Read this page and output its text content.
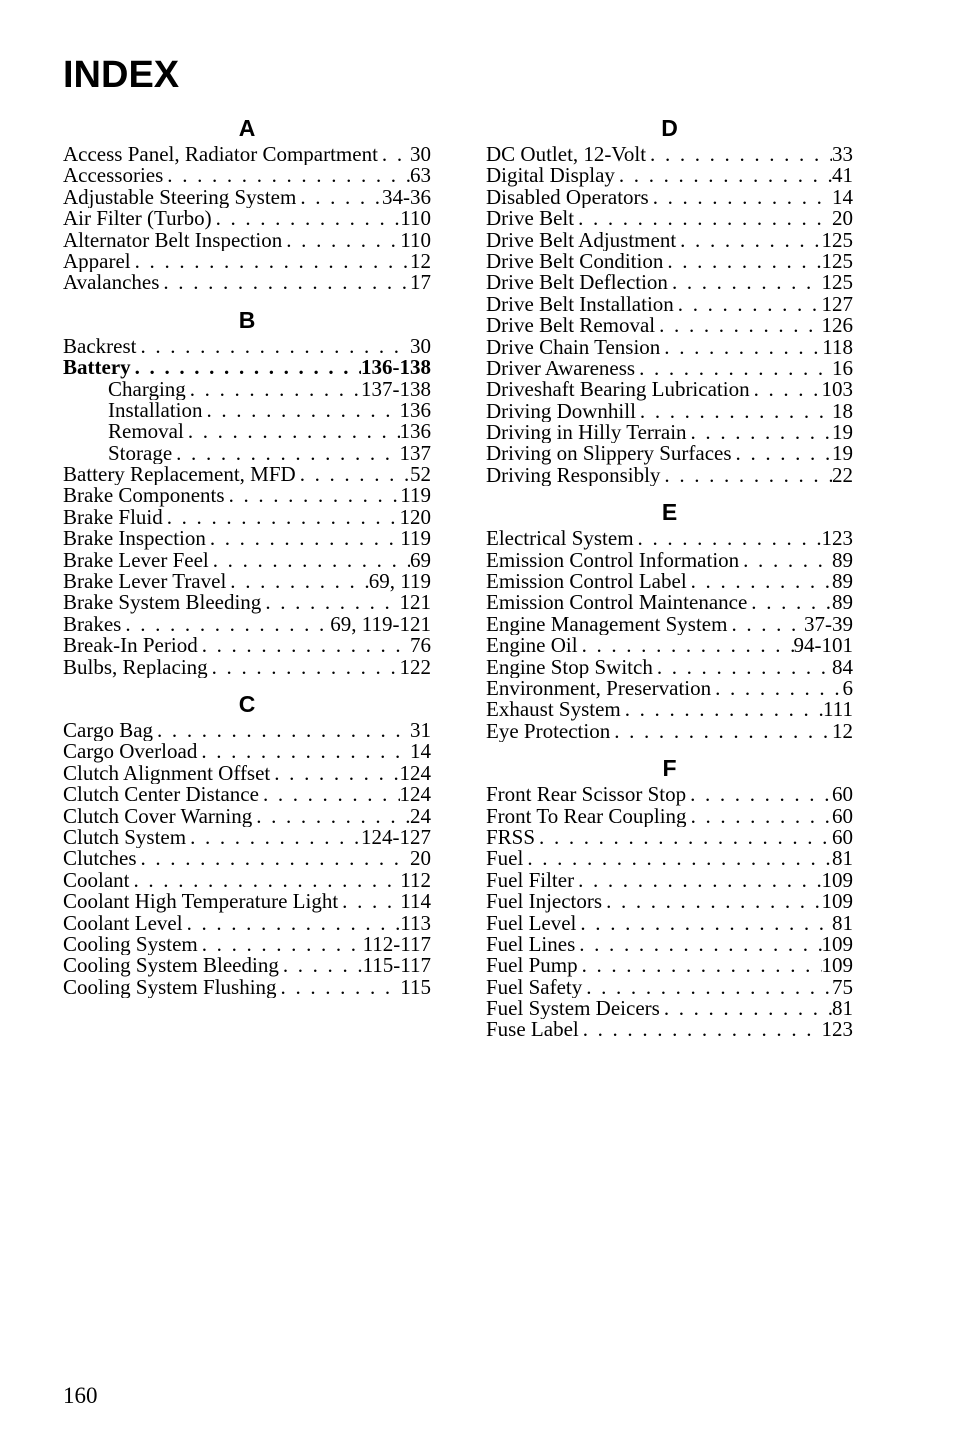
INDEX
A
Access Panel, Radiator Compartment . . . 30
Accessories . . .	63
Adjustable Steering System . . .	34-36
Air Filter (Turbo) . . .	110
Alternator Belt Inspection . . .	110
Apparel . . .	12
Avalanches . . .	17
B
Backrest . . .	30
Battery . . .	136-138
Charging . . .	137-138
Installation . . .	136
Removal . . .	136
Storage . . .	137
Battery Replacement, MFD . . .	52
Brake Components . . .	119
Brake Fluid . . .	120
Brake Inspection . . .	119
Brake Lever Feel . . .	69
Brake Lever Travel . . .	69, 119
Brake System Bleeding . . .	121
Brakes . . .	69, 119-121
Break-In Period . . .	76
Bulbs, Replacing . . .	122
C
Cargo Bag . . .	31
Cargo Overload . . .	14
Clutch Alignment Offset . . .	124
Clutch Center Distance . . .	124
Clutch Cover Warning . . .	24
Clutch System . . .	124-127
Clutches . . .	20
Coolant . . .	112
Coolant High Temperature Light . . .	114
Coolant Level . . .	113
Cooling System . . .	112-117
Cooling System Bleeding . . .	115-117
Cooling System Flushing . . .	115
D
DC Outlet, 12-Volt . . .	33
Digital Display . . .	41
Disabled Operators . . .	14
Drive Belt . . .	20
Drive Belt Adjustment . . .	125
Drive Belt Condition . . .	125
Drive Belt Deflection . . .	125
Drive Belt Installation . . .	127
Drive Belt Removal . . .	126
Drive Chain Tension . . .	118
Driver Awareness . . .	16
Driveshaft Bearing Lubrication . . .	103
Driving Downhill . . .	18
Driving in Hilly Terrain . . .	19
Driving on Slippery Surfaces . . .	19
Driving Responsibly . . .	22
E
Electrical System . . .	123
Emission Control Information . . .	89
Emission Control Label . . .	89
Emission Control Maintenance . . .	89
Engine Management System . . .	37-39
Engine Oil . . .	94-101
Engine Stop Switch . . .	84
Environment, Preservation . . .	6
Exhaust System . . .	111
Eye Protection . . .	12
F
Front Rear Scissor Stop . . .	60
Front To Rear Coupling . . .	60
FRSS . . .	60
Fuel . . .	81
Fuel Filter . . .	109
Fuel Injectors . . .	109
Fuel Level . . .	81
Fuel Lines . . .	109
Fuel Pump . . .	109
Fuel Safety . . .	75
Fuel System Deicers . . .	81
Fuse Label . . .	123
160
